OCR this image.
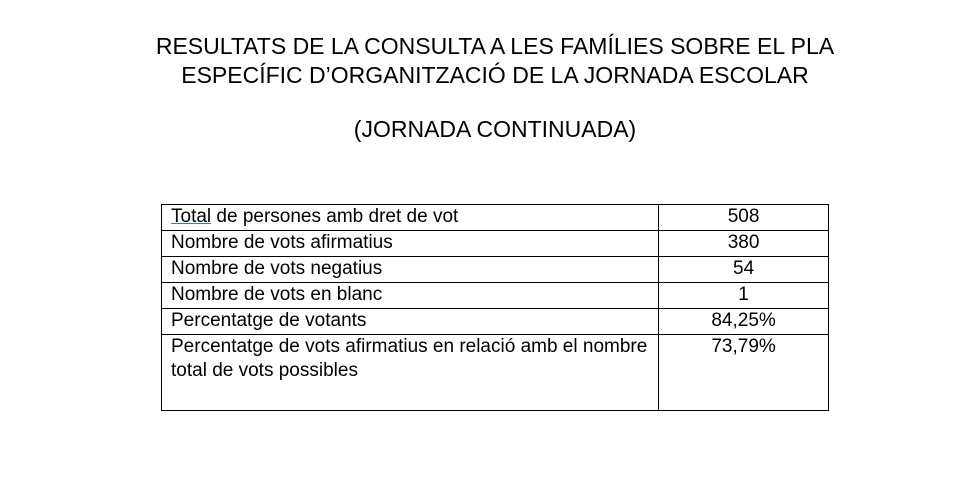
RESULTATS DE LA CONSULTA A LES FAMÍLIES SOBRE EL PLA
ESPECÍFIC D’ORGANITZACIÓ DE LA JORNADA ESCOLAR
(JORNADA CONTINUADA)
Total de persones amb dret de vot	508
Nombre de vots afirmatius	380
Nombre de vots negatius	54
Nombre de vots en blanc	1
Percentatge de votants	84,25%
Percentatge de vots afirmatius en relació amb el nombre total de vots possibles	73,79%
